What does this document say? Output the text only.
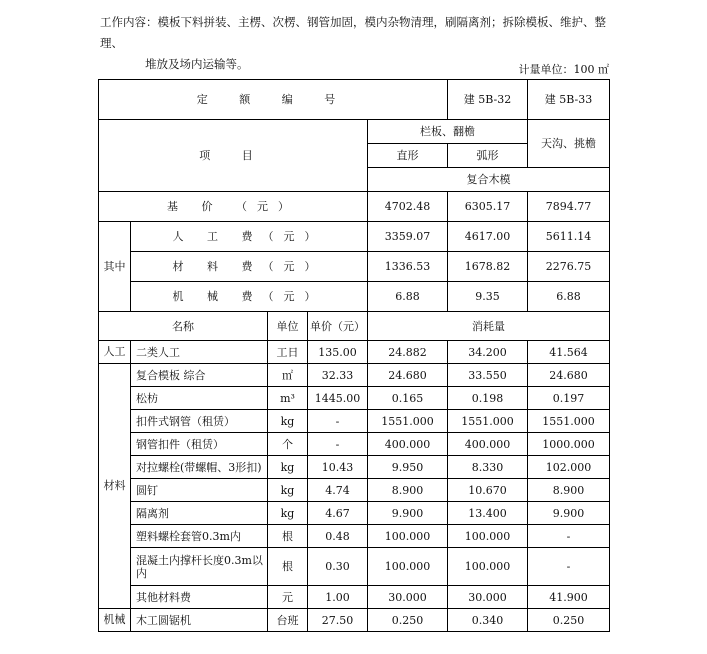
工作内容：模板下料拼装、主楞、次楞、钢管加固，模内杂物清理，刷隔离剂；拆除模板、维护、整理、
堆放及场内运输等。	计量单位：100 ㎡
定 额 编 号					建 5B-32	建 5B-33	
项 目				栏板、翻檐		天沟、挑檐	
				直形	弧形		
				复合木模			
基 价 （元）				4702.48	6305.17	7894.77	
其中	人 工 费（元）			3359.07	4617.00	5611.14	
	材 料 费（元）			1336.53	1678.82	2276.75	
	机 械 费（元）			6.88	9.35	6.88	
名称		单位	单价（元）	消耗量			
人工	二类人工	工日	135.00	24.882	34.200	41.564	
材料	复合模板 综合	㎡	32.33	24.680	33.550	24.680	
	松枋	m³	1445.00	0.165	0.198	0.197	
	扣件式钢管（租赁）	kg	-	1551.000	1551.000	1551.000	
	钢管扣件（租赁）	个	-	400.000	400.000	1000.000	
	对拉螺栓(带螺帽、3形扣)	kg	10.43	9.950	8.330	102.000	
	圆钉	kg	4.74	8.900	10.670	8.900	
	隔离剂	kg	4.67	9.900	13.400	9.900	
	塑料螺栓套管0.3m内	根	0.48	100.000	100.000	-	
	混凝土内撑杆长度0.3m以内	根	0.30	100.000	100.000	-	
	其他材料费	元	1.00	30.000	30.000	41.900	
机械	木工圆锯机	台班	27.50	0.250	0.340	0.250	
